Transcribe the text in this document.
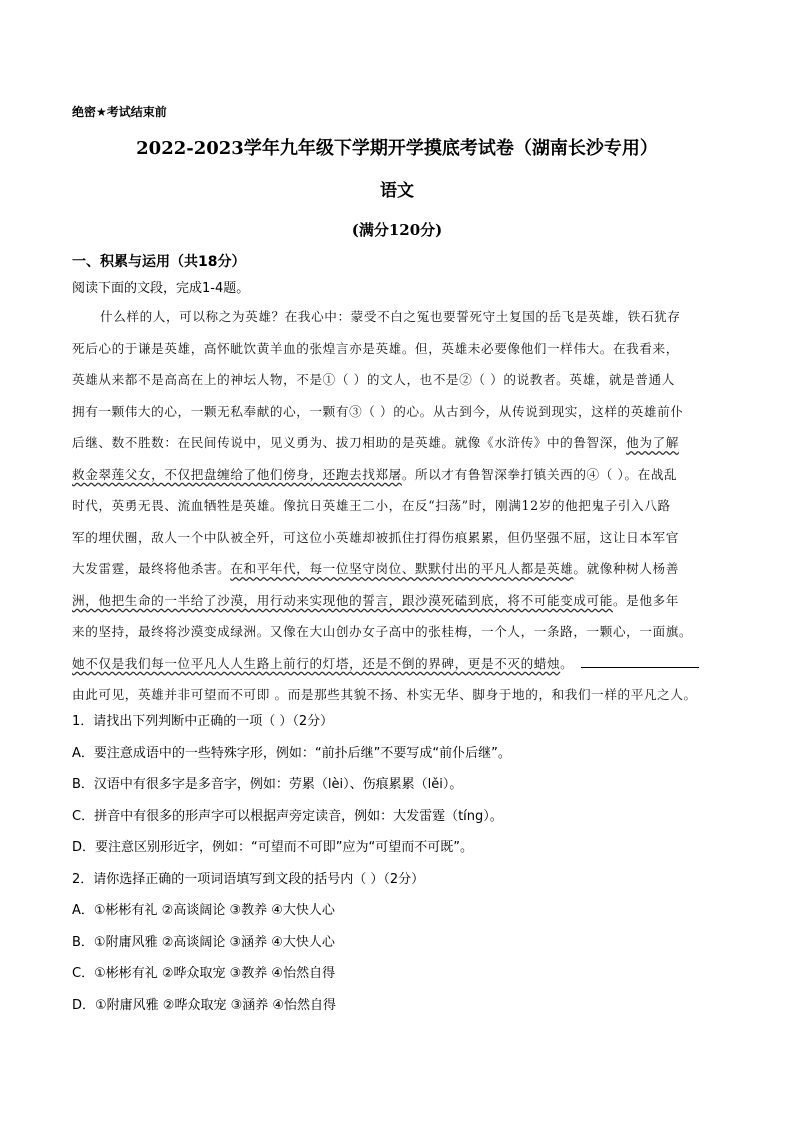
绝密★考试结束前
2022-2023学年九年级下学期开学摸底考试卷（湖南长沙专用）
语文
(满分120分)
一、积累与运用（共18分）
阅读下面的文段，完成1-4题。
什么样的人，可以称之为英雄？在我心中：蒙受不白之冤也要誓死守土复国的岳飞是英雄，铁石犹存
死后心的于谦是英雄，高怀眦饮黄羊血的张煌言亦是英雄。但，英雄未必要像他们一样伟大。在我看来，
英雄从来都不是高高在上的神坛人物，不是①（ ）的文人，也不是②（ ）的说教者。英雄，就是普通人
拥有一颗伟大的心，一颗无私奉献的心，一颗有③（ ）的心。从古到今，从传说到现实，这样的英雄前仆
后继、数不胜数：在民间传说中，见义勇为、拔刀相助的是英雄。就像《水浒传》中的鲁智深，他为了解
救金翠莲父女，不仅把盘缠给了他们傍身，还跑去找郑屠。所以才有鲁智深拳打镇关西的④（ ）。在战乱
时代，英勇无畏、流血牺牲是英雄。像抗日英雄王二小，在反“扫荡”时，刚满12岁的他把鬼子引入八路
军的埋伏圈，敌人一个中队被全歼，可这位小英雄却被抓住打得伤痕累累，但仍坚强不屈，这让日本军官
大发雷霆，最终将他杀害。在和平年代，每一位坚守岗位、默默付出的平凡人都是英雄。就像种树人杨善
洲，他把生命的一半给了沙漠，用行动来实现他的誓言，跟沙漠死磕到底，将不可能变成可能。是他多年
来的坚持，最终将沙漠变成绿洲。又像在大山创办女子高中的张桂梅，一个人，一条路，一颗心，一面旗。
她不仅是我们每一位平凡人人生路上前行的灯塔，还是不倒的界碑，更是不灭的蜡烛。
由此可见，英雄并非可望而不可即 。而是那些其貌不扬、朴实无华、脚身于地的，和我们一样的平凡之人。
1．请找出下列判断中正确的一项（ ）（2分）
A．要注意成语中的一些特殊字形，例如：“前扑后继”不要写成“前仆后继”。
B．汉语中有很多字是多音字，例如：劳累（lèi）、伤痕累累（lěi）。
C．拼音中有很多的形声字可以根据声旁定读音，例如：大发雷霆（tíng）。
D．要注意区别形近字，例如：“可望而不可即”应为“可望而不可既”。
2．请你选择正确的一项词语填写到文段的括号内（ ）（2分）
A．①彬彬有礼 ②高谈阔论 ③教养 ④大快人心
B．①附庸风雅 ②高谈阔论 ③涵养 ④大快人心
C．①彬彬有礼 ②哗众取宠 ③教养 ④怡然自得
D．①附庸风雅 ②哗众取宠 ③涵养 ④怡然自得
